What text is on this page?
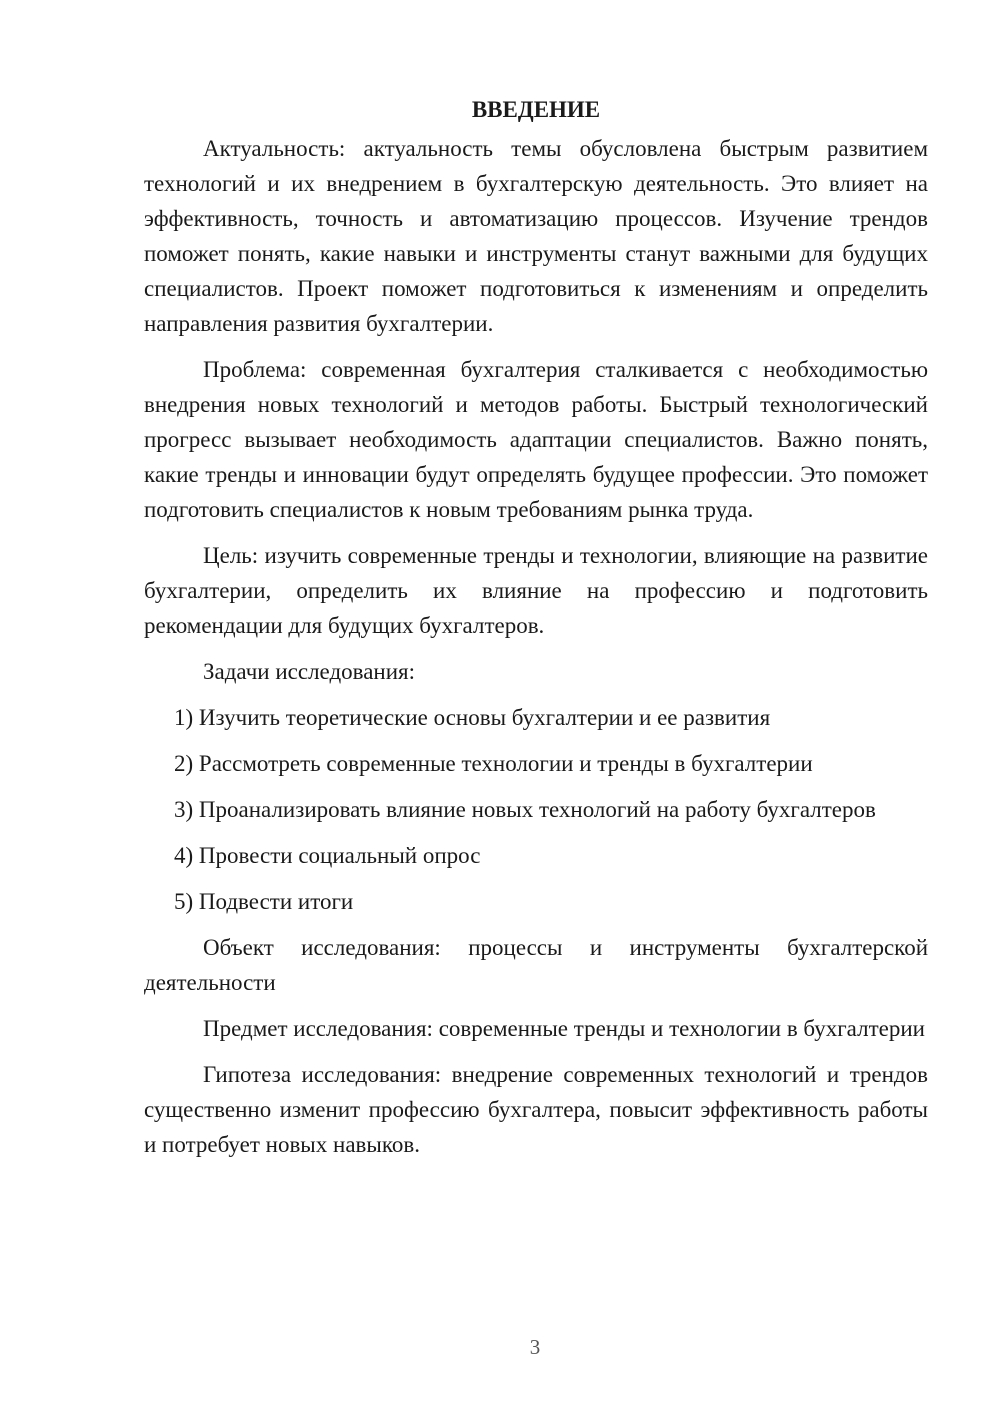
ВВЕДЕНИЕ

Актуальность: актуальность темы обусловлена быстрым развитием технологий и их внедрением в бухгалтерскую деятельность. Это влияет на эффективность, точность и автоматизацию процессов. Изучение трендов поможет понять, какие навыки и инструменты станут важными для будущих специалистов. Проект поможет подготовиться к изменениям и определить направления развития бухгалтерии.

Проблема: современная бухгалтерия сталкивается с необходимостью внедрения новых технологий и методов работы. Быстрый технологический прогресс вызывает необходимость адаптации специалистов. Важно понять, какие тренды и инновации будут определять будущее профессии. Это поможет подготовить специалистов к новым требованиям рынка труда.

Цель: изучить современные тренды и технологии, влияющие на развитие бухгалтерии, определить их влияние на профессию и подготовить рекомендации для будущих бухгалтеров.

Задачи исследования:

1) Изучить теоретические основы бухгалтерии и ее развития

2) Рассмотреть современные технологии и тренды в бухгалтерии

3) Проанализировать влияние новых технологий на работу бухгалтеров

4) Провести социальный опрос

5) Подвести итоги

Объект исследования: процессы и инструменты бухгалтерской деятельности

Предмет исследования: современные тренды и технологии в бухгалтерии

Гипотеза исследования: внедрение современных технологий и трендов существенно изменит профессию бухгалтера, повысит эффективность работы и потребует новых навыков.

3
